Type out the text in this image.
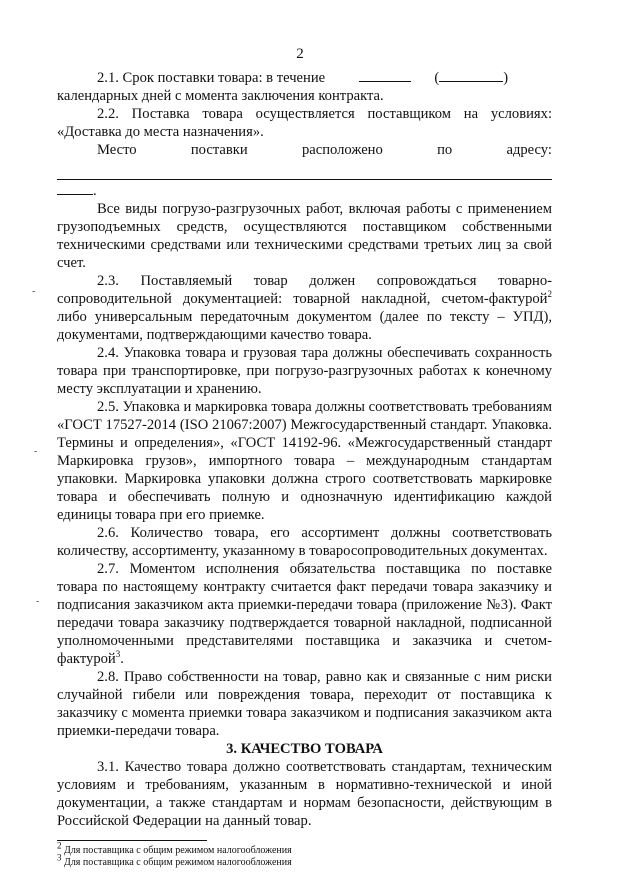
2

2.1. Срок поставки товара: в течение	(	)
календарных дней с момента заключения контракта.

2.2. Поставка товара осуществляется поставщиком на условиях: «Доставка до места назначения».

Место	поставки	расположено	по	адресу:
.

Все виды погрузо-разгрузочных работ, включая работы с применением грузоподъемных средств, осуществляются поставщиком собственными техническими средствами или техническими средствами третьих лиц за свой счет.

2.3. Поставляемый товар должен сопровождаться товарно-сопроводительной документацией: товарной накладной, счетом-фактурой$^2$ либо универсальным передаточным документом (далее по тексту – УПД), документами, подтверждающими качество товара.

2.4. Упаковка товара и грузовая тара должны обеспечивать сохранность товара при транспортировке, при погрузо-разгрузочных работах к конечному месту эксплуатации и хранению.

2.5. Упаковка и маркировка товара должны соответствовать требованиям «ГОСТ 17527-2014 (ISO 21067:2007) Межгосударственный стандарт. Упаковка. Термины и определения», «ГОСТ 14192-96. «Межгосударственный стандарт Маркировка грузов», импортного товара – международным стандартам упаковки. Маркировка упаковки должна строго соответствовать маркировке товара и обеспечивать полную и однозначную идентификацию каждой единицы товара при его приемке.

2.6. Количество товара, его ассортимент должны соответствовать количеству, ассортименту, указанному в товаросопроводительных документах.

2.7. Моментом исполнения обязательства поставщика по поставке товара по настоящему контракту считается факт передачи товара заказчику и подписания заказчиком акта приемки-передачи товара (приложение №3). Факт передачи товара заказчику подтверждается товарной накладной, подписанной уполномоченными представителями поставщика и заказчика и счетом-фактурой$^3$.

2.8. Право собственности на товар, равно как и связанные с ним риски случайной гибели или повреждения товара, переходит от поставщика к заказчику с момента приемки товара заказчиком и подписания заказчиком акта приемки-передачи товара.

3. КАЧЕСТВО ТОВАРА

3.1. Качество товара должно соответствовать стандартам, техническим условиям и требованиям, указанным в нормативно-технической и иной документации, а также стандартам и нормам безопасности, действующим в Российской Федерации на данный товар.

$^2$ Для поставщика с общим режимом налогообложения
$^3$ Для поставщика с общим режимом налогообложения
-
-
-
